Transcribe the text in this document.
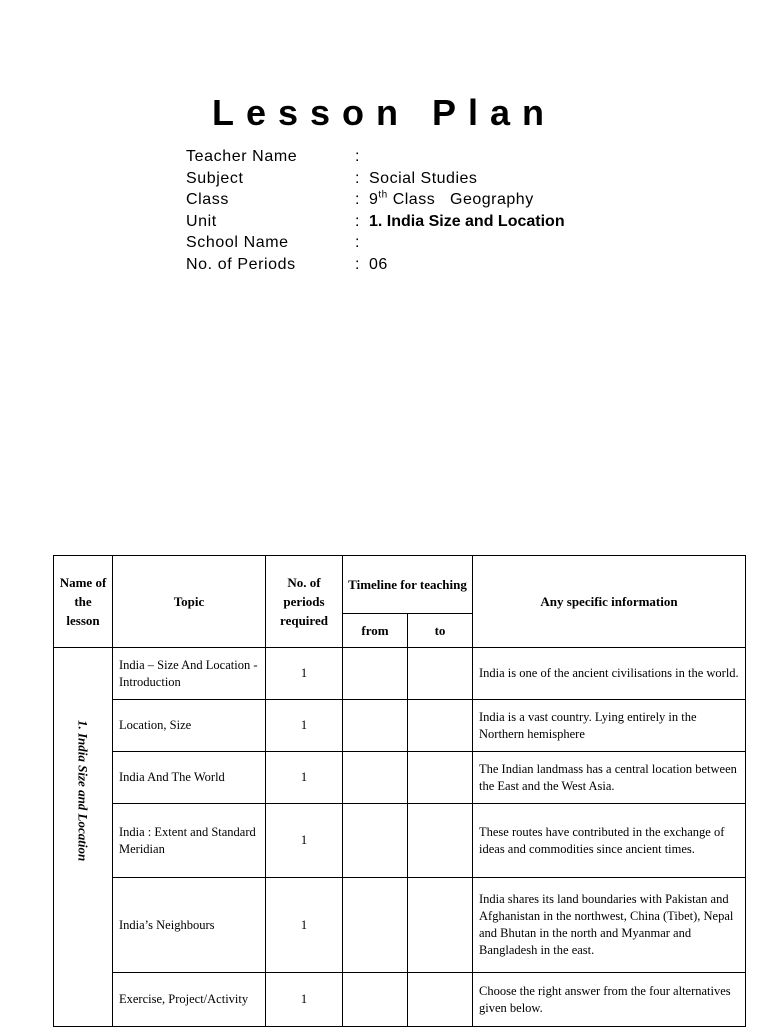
Lesson Plan
Teacher Name	:
Subject	: Social Studies
Class	: 9th Class   Geography
Unit	: 1. India Size and Location
School Name	:
No. of Periods	: 06
Name of the lesson	Topic	No. of periods required	Timeline for teaching		Any specific information
			from	to	
1. India Size and Location	India – Size And Location - Introduction	1			India is one of the ancient civilisations in the world.
	Location, Size	1			India is a vast country. Lying entirely in the Northern hemisphere
	India And The World	1			The Indian landmass has a central location between the East and the West Asia.
	India : Extent and Standard Meridian	1			These routes have contributed in the exchange of ideas and commodities since ancient times.
	India’s Neighbours	1			India shares its land boundaries with Pakistan and Afghanistan in the northwest, China (Tibet), Nepal and Bhutan in the north and Myanmar and Bangladesh in the east.
	Exercise, Project/Activity	1			Choose the right answer from the four alternatives given below.
